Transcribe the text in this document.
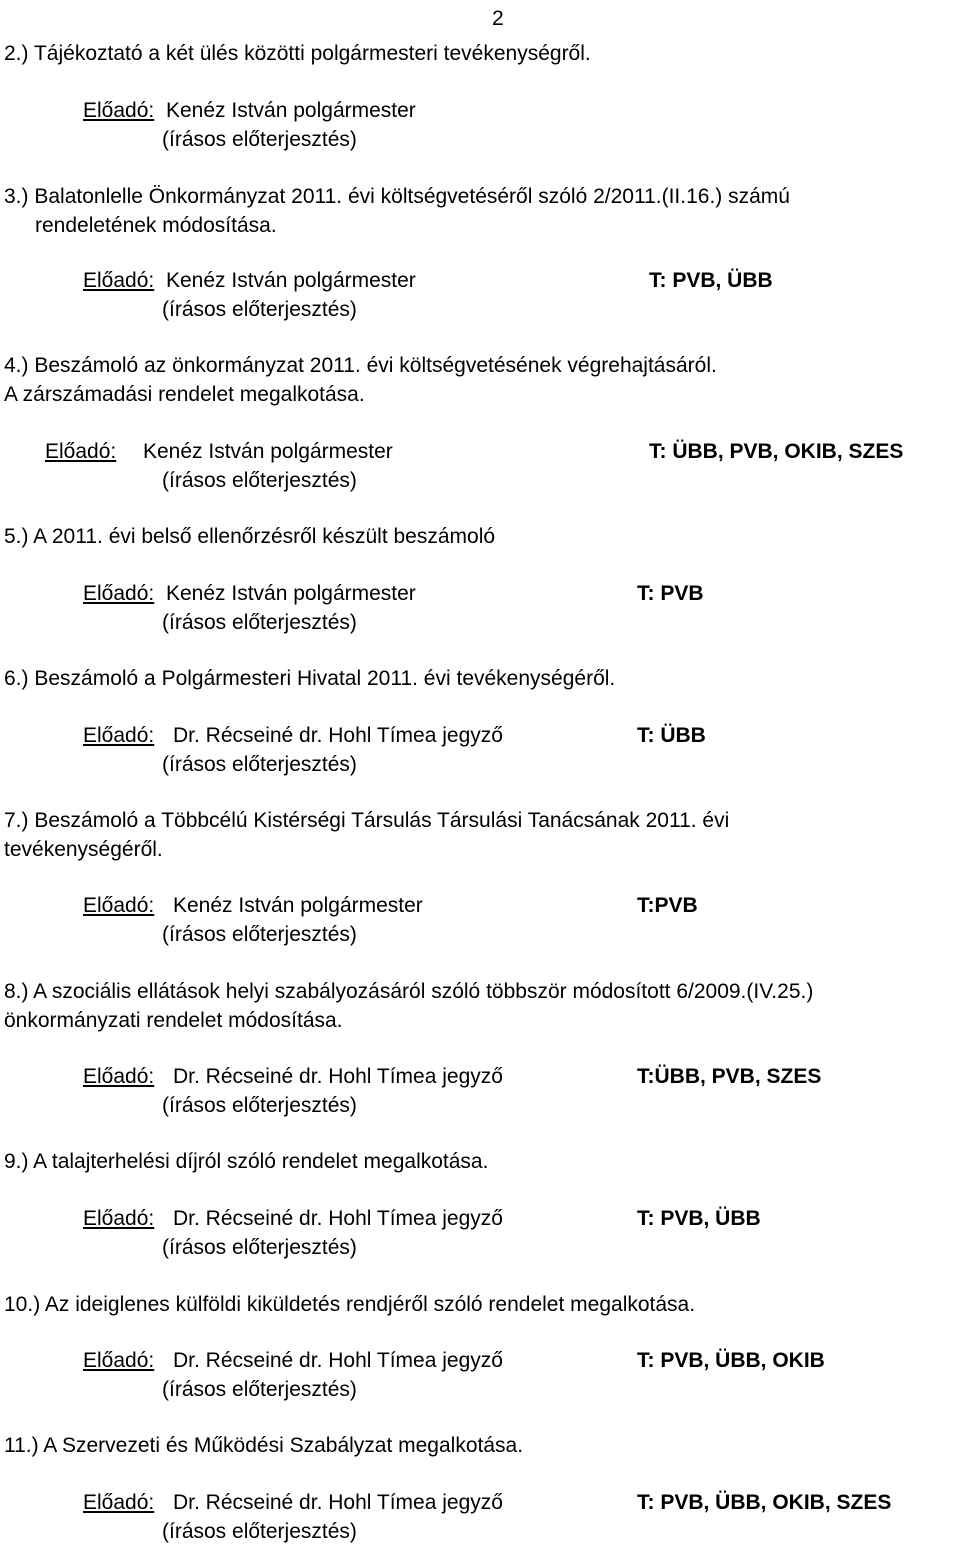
2
2.) Tájékoztató a két ülés közötti polgármesteri tevékenységről.
Előadó: Kenéz István polgármester
(írásos előterjesztés)
3.) Balatonlelle Önkormányzat 2011. évi költségvetéséről szóló 2/2011.(II.16.) számú
rendeletének módosítása.
Előadó: Kenéz István polgármester	T: PVB, ÜBB
(írásos előterjesztés)
4.) Beszámoló az önkormányzat 2011. évi költségvetésének végrehajtásáról.
A zárszámadási rendelet megalkotása.
Előadó: Kenéz István polgármester	T: ÜBB, PVB, OKIB, SZES
(írásos előterjesztés)
5.) A 2011. évi belső ellenőrzésről készült beszámoló
Előadó: Kenéz István polgármester	T: PVB
(írásos előterjesztés)
6.) Beszámoló a Polgármesteri Hivatal 2011. évi tevékenységéről.
Előadó: Dr. Récseiné dr. Hohl Tímea jegyző	T: ÜBB
(írásos előterjesztés)
7.) Beszámoló a Többcélú Kistérségi Társulás Társulási Tanácsának 2011. évi
tevékenységéről.
Előadó: Kenéz István polgármester	T:PVB
(írásos előterjesztés)
8.) A szociális ellátások helyi szabályozásáról szóló többször módosított 6/2009.(IV.25.)
önkormányzati rendelet módosítása.
Előadó: Dr. Récseiné dr. Hohl Tímea jegyző	T:ÜBB, PVB, SZES
(írásos előterjesztés)
9.) A talajterhelési díjról szóló rendelet megalkotása.
Előadó: Dr. Récseiné dr. Hohl Tímea jegyző	T: PVB, ÜBB
(írásos előterjesztés)
10.) Az ideiglenes külföldi kiküldetés rendjéről szóló rendelet megalkotása.
Előadó: Dr. Récseiné dr. Hohl Tímea jegyző	T: PVB, ÜBB, OKIB
(írásos előterjesztés)
11.) A Szervezeti és Működési Szabályzat megalkotása.
Előadó: Dr. Récseiné dr. Hohl Tímea jegyző	T: PVB, ÜBB, OKIB, SZES
(írásos előterjesztés)
